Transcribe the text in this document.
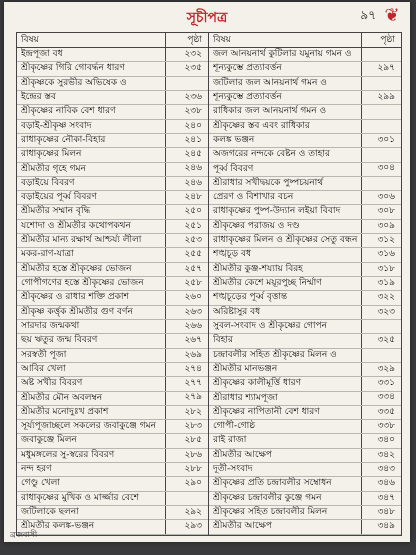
সূচীপত্র	৯৭ ❦
বিষয়	পৃষ্ঠা
ইন্দ্রপূজা বধ	২৩২
শ্রীকৃষ্ণের গিরি গোবর্দ্ধন ধারণ	২৩৫
শ্রীকৃষ্ণকে সুরভীর অভিষেক ও
ইন্দ্রের স্তব	২৩৬
শ্রীকৃষ্ণের নাবিক বেশ ধারণ	২৩৮
বড়াই-শ্রীকৃষ্ণ সংবাদ	২৪০
রাধাকৃষ্ণের নৌকা-বিহার	২৪১
রাধাকৃষ্ণের মিলন	২৪৫
শ্রীমতীর গৃহে গমন	২৪৬
বড়াইয়ে বিবরণ	২৪৬
বড়াইয়ের পূর্ব্ব বিবরণ	২৪৮
শ্রীমতীর সম্মান বৃদ্ধি	২৫০
যশোদা ও শ্রীমতীর কথোপকথন	২৫১
শ্রীমতীর মান্য রক্ষার্থ আশ্চর্য্য লীলা	২৫৩
মকর-রাণ-যাত্রা	২৫৫
শ্রীমতীর হস্তে শ্রীকৃষ্ণের ভোজন	২৫৭
গোপীগণের হস্তে শ্রীকৃষ্ণের ভোজন	২৫৮
শ্রীকৃষ্ণের ও রাধার শক্তি প্রকাশ	২৬০
শ্রীকৃষ্ণ কর্ত্তৃক শ্রীমতীর গুণ বর্ণন	২৬৩
সারদার জন্মকথা	২৬৬
ছয় ঋতুর জন্ম বিবরণ	২৬৭
সরস্বতী পূজা	২৬৯
আবির খেলা	২৭৪
অষ্ট সখীর বিবরণ	২৭৭
শ্রীমতীর মৌন অবলম্বন	২৭৯
শ্রীমতীর মনোদুঃখ প্রকাশ	২৮২
সূর্য্যপূজাচ্ছলে সকলের জবাকুঞ্জে গমন	২৮৩
জবাকুঞ্জে মিলন	২৮৫
মধুমঙ্গলের সু-স্বরের বিবরণ	২৮৬
নন্দ হরণ	২৮৮
গেণ্ডু খেলা	২৯০
রাধাকৃষ্ণের মুখিক ও মার্জ্জার বেশে
জটিলাকে ছলনা	২৯২
শ্রীমতীর কলঙ্ক-ভঞ্জন	২৯৩
বিষয়	পৃষ্ঠা
জল আনয়নার্থ কুটিলার যমুনায় গমন ও
শূন্যকুম্ভে প্রত্যাবর্ত্তন	২৯৭
জটিলার জল আনয়নার্থ গমন ও
শূন্যকুম্ভে প্রত্যাবর্ত্তন	২৯৯
রাধিকার জল আনয়নার্থ গমন ও
শ্রীকৃষ্ণের স্তব এবং রাধিকার
কলঙ্ক ভঞ্জন	৩০১
অজগরের নন্দকে বেষ্টন ও তাহার
পূর্ব্ব বিবরণ	৩০৪
শ্রীরাধার সখীদ্বয়কে পুষ্পচয়নার্থ
প্রেরণ ও বিশাখার বচন	৩০৬
রাধাকৃষ্ণের পুষ্প-উদ্যান লইয়া বিবাদ	৩০৮
শ্রীকৃষ্ণের পরাজয় ও দণ্ড	৩০৯
রাধাকৃষ্ণের মিলন ও শ্রীকৃষ্ণের সেতু বন্ধন ৩১২
শঙ্খচূড় বধ	৩১৬
শ্রীমতীর কুঞ্জ-শয্যায় বিরহ	৩১৮
শ্রীমতীর কেশে ময়ূরপুচ্ছ নির্ম্মাণ	৩১৯
শঙ্খচূড়ের পূর্ব্ব বৃত্তান্ত	৩২২
অরিষ্টাসুর বধ	৩২৩
সুবল-সংবাদ ও শ্রীকৃষ্ণের গোপন
বিহার	৩২৫
চন্দ্রাবলীর সহিত শ্রীকৃষ্ণের মিলন ও
শ্রীমতীর মানভঞ্জন	৩২৯
শ্রীকৃষ্ণের কালীমূর্ত্তি ধারণ	৩৩১
শ্রীরাধার শ্যামপূজা	৩৩৪
শ্রীকৃষ্ণের নাপিতানী বেশ ধারণ	৩৩৫
গোপী-গোষ্ঠ	৩৩৮
রাই রাজা	৩৪০
শ্রীমতীর আক্ষেপ	৩৪২
দূতী-সংবাদ	৩৪৩
শ্রীকৃষ্ণের প্রতি চন্দ্রাবলীর সম্বোধন	৩৪৬
শ্রীকৃষ্ণের চন্দ্রাবলীর কুঞ্জে গমন	৩৪৭
শ্রীকৃষ্ণের সহিত চন্দ্রাবলীর মিলন	৩৪৮
শ্রীমতীর আক্ষেপ	৩৪৯
ব্রজবাসী
